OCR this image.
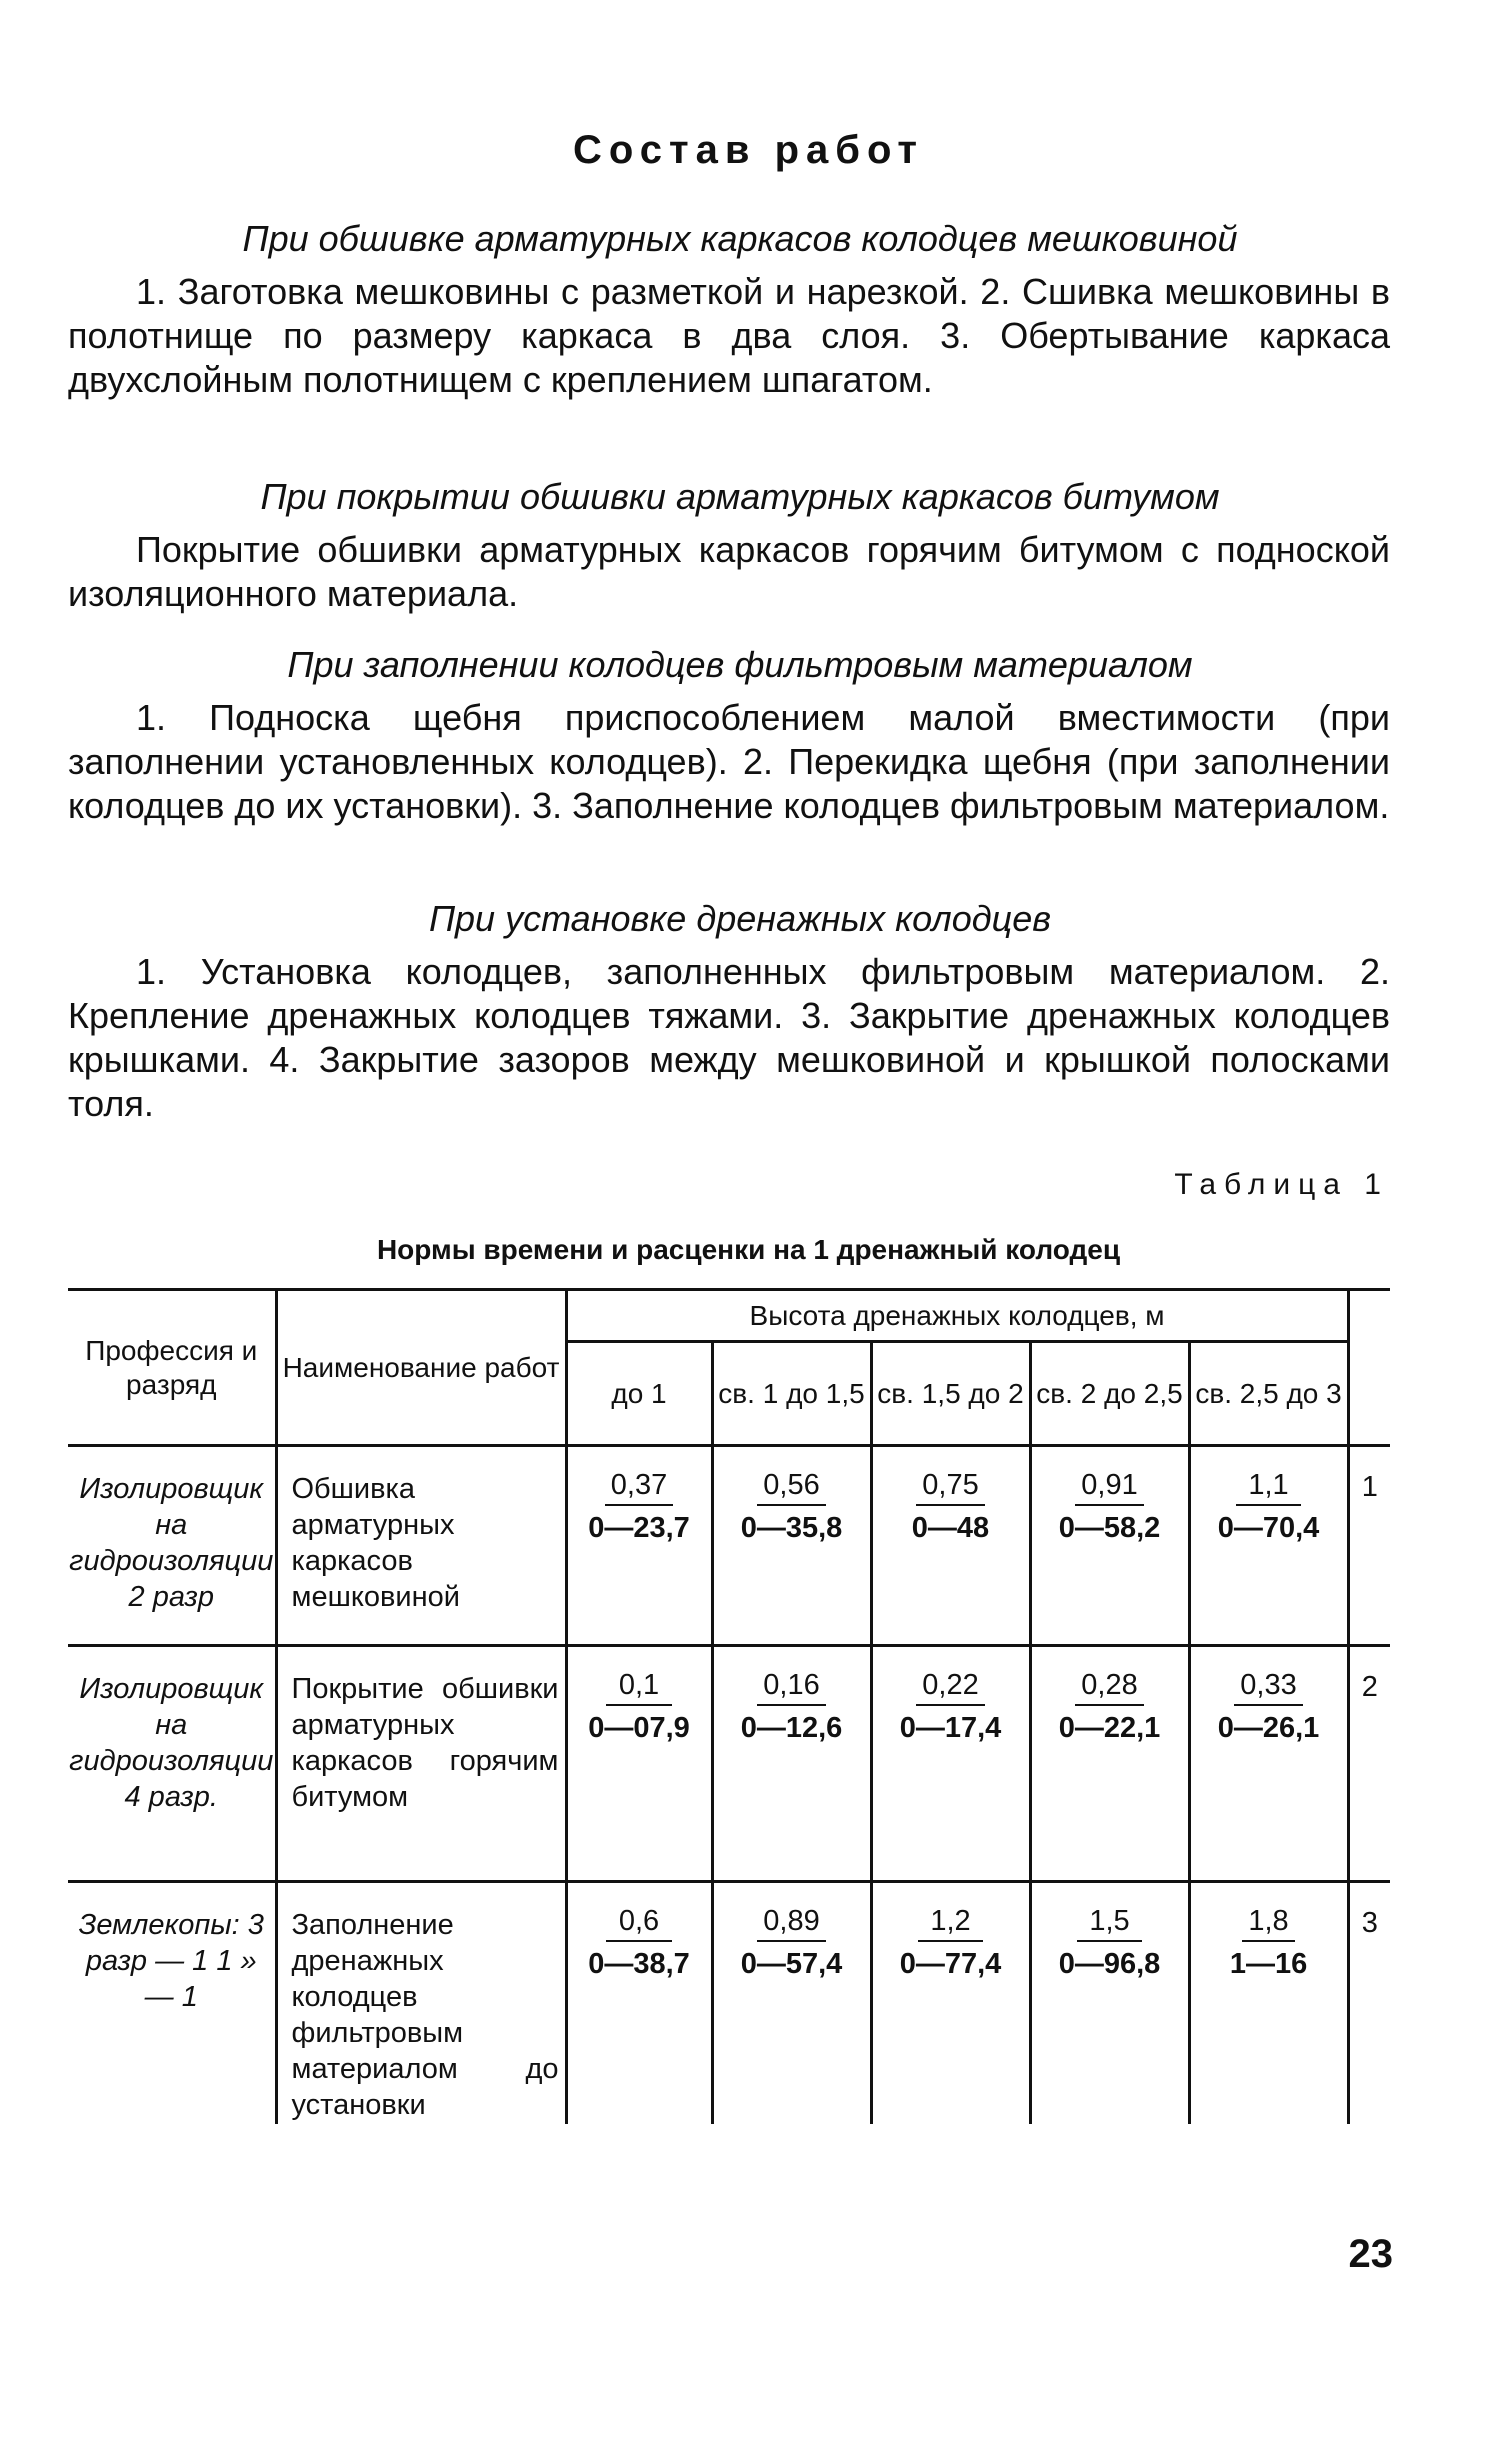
Состав работ
При обшивке арматурных каркасов колодцев мешковиной
1. Заготовка мешковины с разметкой и нарезкой. 2. Сшивка мешковины в полотнище по размеру каркаса в два слоя. 3. Обертывание каркаса двухслойным полотнищем с креплением шпагатом.
При покрытии обшивки арматурных каркасов битумом
Покрытие обшивки арматурных каркасов горячим битумом с подноской изоляционного материала.
При заполнении колодцев фильтровым материалом
1. Подноска щебня приспособлением малой вместимости (при заполнении установленных колодцев). 2. Перекидка щебня (при заполнении колодцев до их установки). 3. Заполнение колодцев фильтровым материалом.
При установке дренажных колодцев
1. Установка колодцев, заполненных фильтровым материалом. 2. Крепление дренажных колодцев тяжами. 3. Закрытие дренажных колодцев крышками. 4. Закрытие зазоров между мешковиной и крышкой полосками толя.
Таблица 1
Нормы времени и расценки на 1 дренажный колодец
Профессия и разряд	Наименование работ	Высота дренажных колодцев, м					
		до 1	св. 1 до 1,5	св. 1,5 до 2	св. 2 до 2,5	св. 2,5 до 3	
Изолировщик на гидроизоляции 2 разр	Обшивка арматурных каркасов мешковиной	$\frac{0,37}{0—23,7}$	$\frac{0,56}{0—35,8}$	$\frac{0,75}{0—48}$	$\frac{0,91}{0—58,2}$	$\frac{1,1}{0—70,4}$	1
Изолировщик на гидроизоляции 4 разр.	Покрытие обшивки арматурных каркасов горячим битумом	$\frac{0,1}{0—07,9}$	$\frac{0,16}{0—12,6}$	$\frac{0,22}{0—17,4}$	$\frac{0,28}{0—22,1}$	$\frac{0,33}{0—26,1}$	2
Землекопы: 3 разр — 1 1 » — 1	Заполнение дренажных колодцев фильтровым материалом до установки	$\frac{0,6}{0—38,7}$	$\frac{0,89}{0—57,4}$	$\frac{1,2}{0—77,4}$	$\frac{1,5}{0—96,8}$	$\frac{1,8}{1—16}$	3
23
